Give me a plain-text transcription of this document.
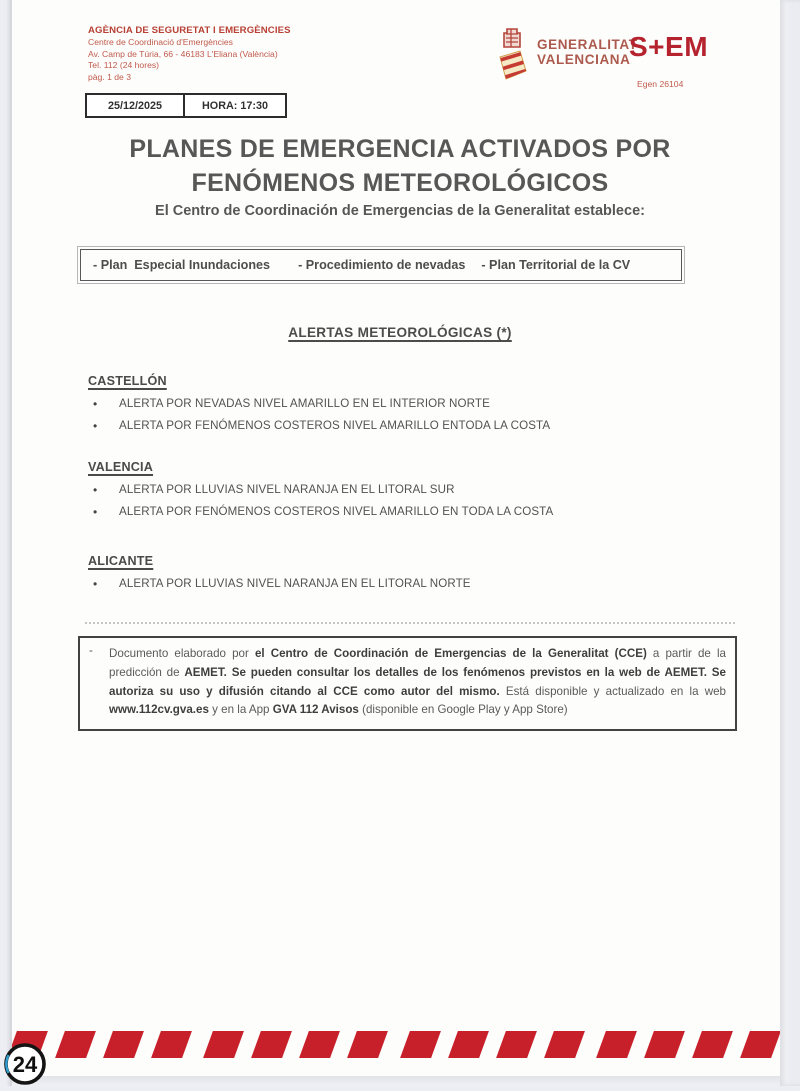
AGÈNCIA DE SEGURETAT I EMERGÈNCIES
Centre de Coordinació d'Emergències
Av. Camp de Túria, 66 - 46183 L'Eliana (València)
Tel. 112 (24 hores)
pàg. 1 de 3
25/12/2025	HORA: 17:30
GENERALITAT
VALENCIANA
S+EM
Egen 26104
PLANES DE EMERGENCIA ACTIVADOS POR
FENÓMENOS METEOROLÓGICOS
El Centro de Coordinación de Emergencias de la Generalitat establece:
- Plan  Especial Inundaciones - Procedimiento de nevadas - Plan Territorial de la CV
ALERTAS METEOROLÓGICAS (*)
CASTELLÓN
•	ALERTA POR NEVADAS NIVEL AMARILLO EN EL INTERIOR NORTE
•	ALERTA POR FENÓMENOS COSTEROS NIVEL AMARILLO ENTODA LA COSTA
VALENCIA
•	ALERTA POR LLUVIAS NIVEL NARANJA EN EL LITORAL SUR
•	ALERTA POR FENÓMENOS COSTEROS NIVEL AMARILLO EN TODA LA COSTA
ALICANTE
•	ALERTA POR LLUVIAS NIVEL NARANJA EN EL LITORAL NORTE
-	Documento elaborado por el Centro de Coordinación de Emergencias de la Generalitat (CCE) a partir de la predicción de AEMET. Se pueden consultar los detalles de los fenómenos previstos en la web de AEMET. Se autoriza su uso y difusión citando al CCE como autor del mismo. Está disponible y actualizado en la web www.112cv.gva.es y en la App GVA 112 Avisos (disponible en Google Play y App Store)

24
